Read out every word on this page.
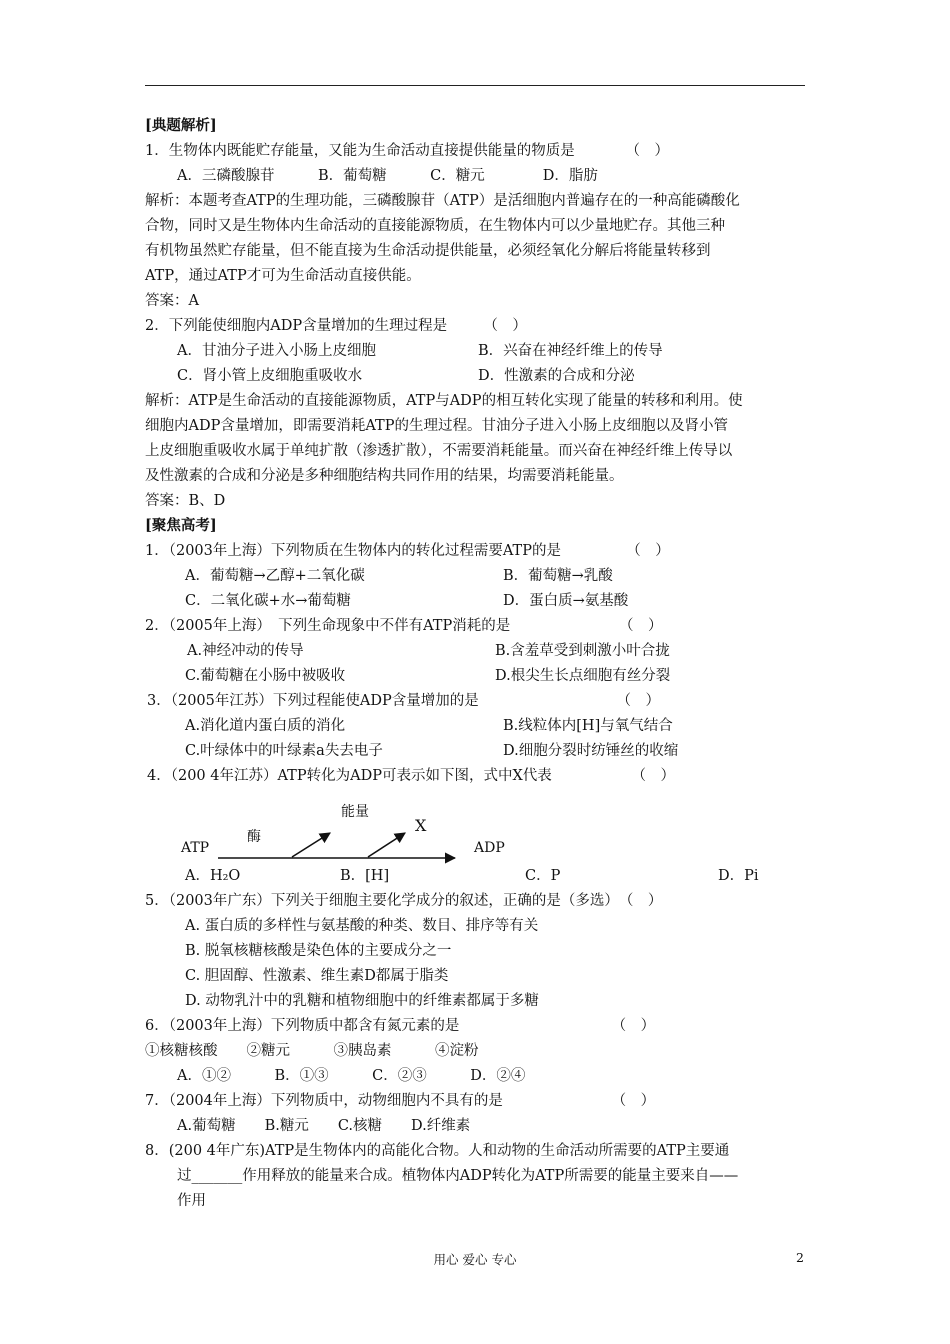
[典题解析]
1．生物体内既能贮存能量，又能为生命活动直接提供能量的物质是　　　　（　）
A．三磷酸腺苷　　　B．葡萄糖　　　C．糖元　　　　D．脂肪
解析：本题考查ATP的生理功能，三磷酸腺苷（ATP）是活细胞内普遍存在的一种高能磷酸化
合物，同时又是生物体内生命活动的直接能源物质，在生物体内可以少量地贮存。其他三种
有机物虽然贮存能量，但不能直接为生命活动提供能量，必须经氧化分解后将能量转移到
ATP，通过ATP才可为生命活动直接供能。
答案：A
2．下列能使细胞内ADP含量增加的生理过程是　　　（　）
A．甘油分子进入小肠上皮细胞	B．兴奋在神经纤维上的传导
C．肾小管上皮细胞重吸收水	D．性激素的合成和分泌
解析：ATP是生命活动的直接能源物质，ATP与ADP的相互转化实现了能量的转移和利用。使
细胞内ADP含量增加，即需要消耗ATP的生理过程。甘油分子进入小肠上皮细胞以及肾小管
上皮细胞重吸收水属于单纯扩散（渗透扩散），不需要消耗能量。而兴奋在神经纤维上传导以
及性激素的合成和分泌是多种细胞结构共同作用的结果，均需要消耗能量。
答案：B、D
[聚焦高考]
1．（2003年上海）下列物质在生物体内的转化过程需要ATP的是　　　　　（　）
A．葡萄糖→乙醇+二氧化碳	B．葡萄糖→乳酸
C．二氧化碳+水→葡萄糖	D．蛋白质→氨基酸
2．（2005年上海）　下列生命现象中不伴有ATP消耗的是　　　　　　　　（　）
A.神经冲动的传导	B.含羞草受到刺激小叶合拢
C.葡萄糖在小肠中被吸收	D.根尖生长点细胞有丝分裂
3．（2005年江苏）下列过程能使ADP含量增加的是　　　　　　　　　　（　）
A.消化道内蛋白质的消化	B.线粒体内[H]与氧气结合
C.叶绿体中的叶绿素a失去电子	D.细胞分裂时纺锤丝的收缩
4．（200 4年江苏）ATP转化为ADP可表示如下图，式中X代表　　　　　　（　）
A．H₂O	B．[H]	C．P	D．Pi
5．（2003年广东）下列关于细胞主要化学成分的叙述，正确的是（多选）　（　）
A. 蛋白质的多样性与氨基酸的种类、数目、排序等有关
B. 脱氧核糖核酸是染色体的主要成分之一
C. 胆固醇、性激素、维生素D都属于脂类
D. 动物乳汁中的乳糖和植物细胞中的纤维素都属于多糖
6．（2003年上海）下列物质中都含有氮元素的是　　　　　　　　　　　（　）
①核糖核酸　　②糖元　　　③胰岛素　　　④淀粉
A．①②　　　B．①③　　　C．②③　　　D．②④
7．（2004年上海）下列物质中，动物细胞内不具有的是　　　　　　　　（　）
A.葡萄糖　　B.糖元　　C.核糖　　D.纤维素
8．(200 4年广东)ATP是生物体内的高能化合物。人和动物的生命活动所需要的ATP主要通
过_______作用释放的能量来合成。植物体内ADP转化为ATP所需要的能量主要来自——
作用
ATP	ADP
酶
能量
X
用心 爱心 专心	2
